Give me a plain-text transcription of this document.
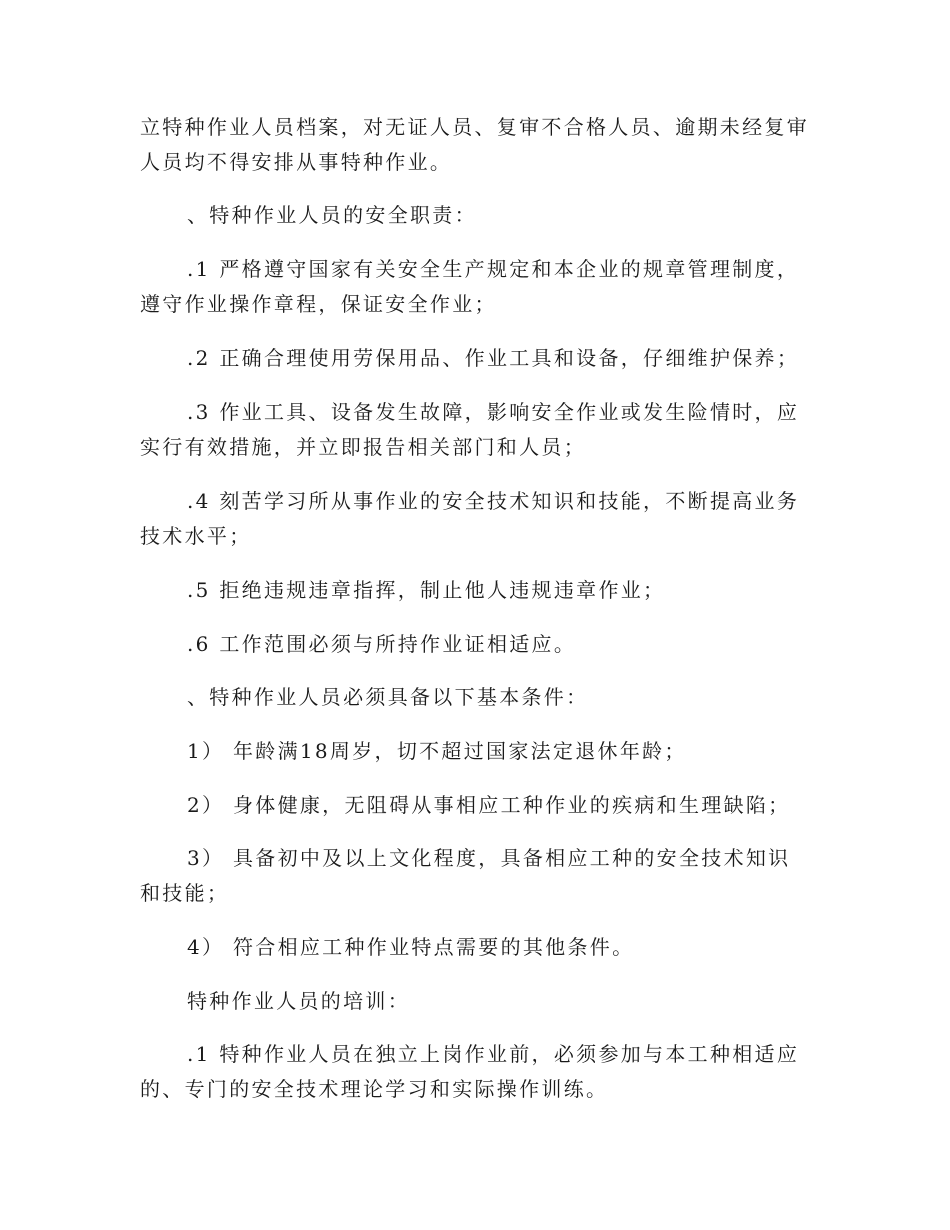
立特种作业人员档案，对无证人员、复审不合格人员、逾期未经复审人员均不得安排从事特种作业。

、特种作业人员的安全职责：

.1 严格遵守国家有关安全生产规定和本企业的规章管理制度，遵守作业操作章程，保证安全作业；

.2 正确合理使用劳保用品、作业工具和设备，仔细维护保养；

.3 作业工具、设备发生故障，影响安全作业或发生险情时，应实行有效措施，并立即报告相关部门和人员；

.4 刻苦学习所从事作业的安全技术知识和技能，不断提高业务技术水平；

.5 拒绝违规违章指挥，制止他人违规违章作业；

.6 工作范围必须与所持作业证相适应。

、特种作业人员必须具备以下基本条件：

1） 年龄满18周岁，切不超过国家法定退休年龄；

2） 身体健康，无阻碍从事相应工种作业的疾病和生理缺陷；

3） 具备初中及以上文化程度，具备相应工种的安全技术知识和技能；

4） 符合相应工种作业特点需要的其他条件。

特种作业人员的培训：

.1 特种作业人员在独立上岗作业前，必须参加与本工种相适应的、专门的安全技术理论学习和实际操作训练。
